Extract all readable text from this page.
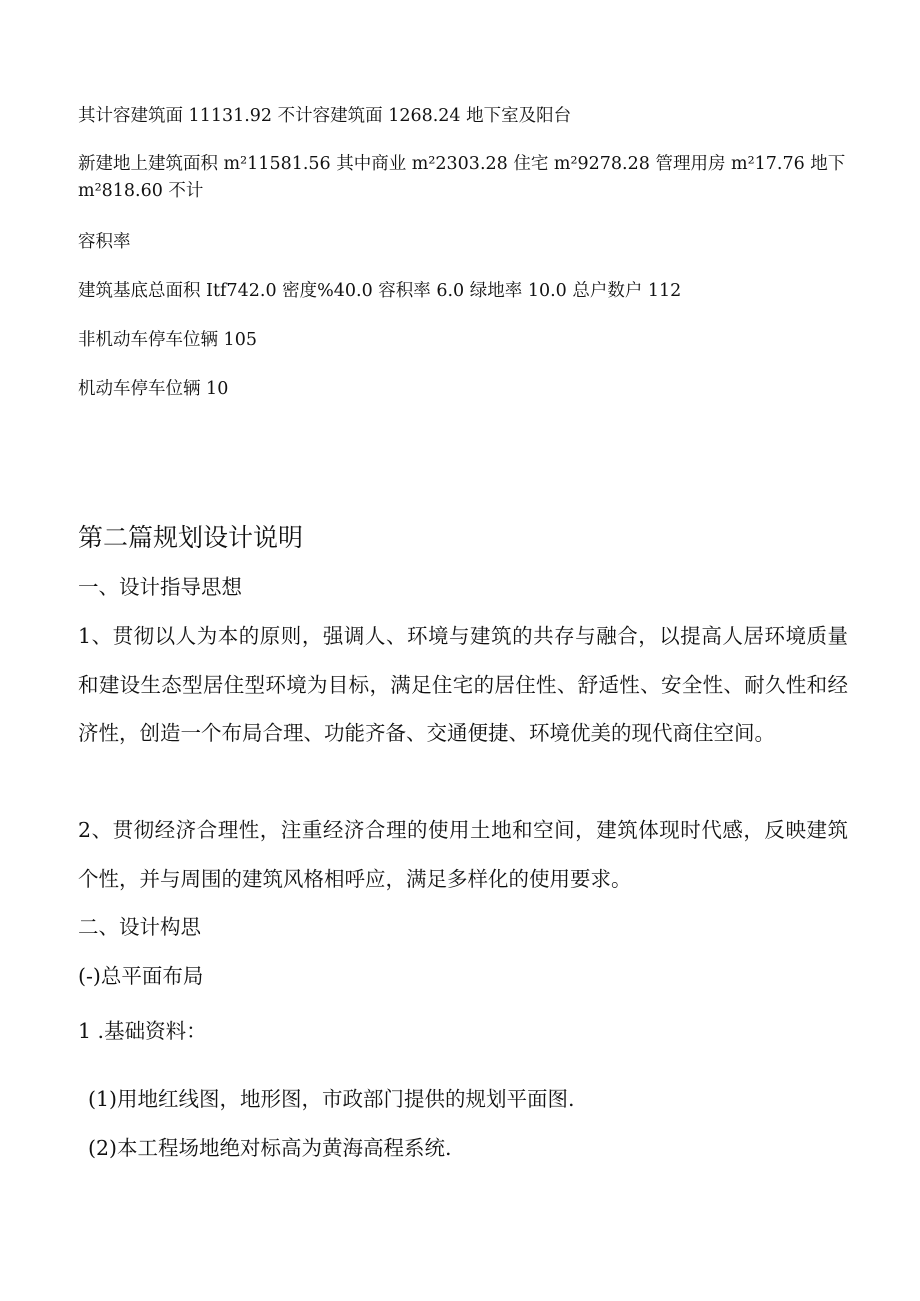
其计容建筑面 11131.92 不计容建筑面 1268.24 地下室及阳台
新建地上建筑面积 m²11581.56 其中商业 m²2303.28 住宅 m²9278.28 管理用房 m²17.76 地下 m²818.60 不计
容积率
建筑基底总面积 Itf742.0 密度%40.0 容积率 6.0 绿地率 10.0 总户数户 112
非机动车停车位辆 105
机动车停车位辆 10
第二篇规划设计说明
一、设计指导思想
1、贯彻以人为本的原则，强调人、环境与建筑的共存与融合，以提高人居环境质量和建设生态型居住型环境为目标，满足住宅的居住性、舒适性、安全性、耐久性和经济性，创造一个布局合理、功能齐备、交通便捷、环境优美的现代商住空间。
2、贯彻经济合理性，注重经济合理的使用土地和空间，建筑体现时代感，反映建筑个性，并与周围的建筑风格相呼应，满足多样化的使用要求。
二、设计构思
(-)总平面布局
1 .基础资料：
(1)用地红线图，地形图，市政部门提供的规划平面图.
(2)本工程场地绝对标高为黄海高程系统.
